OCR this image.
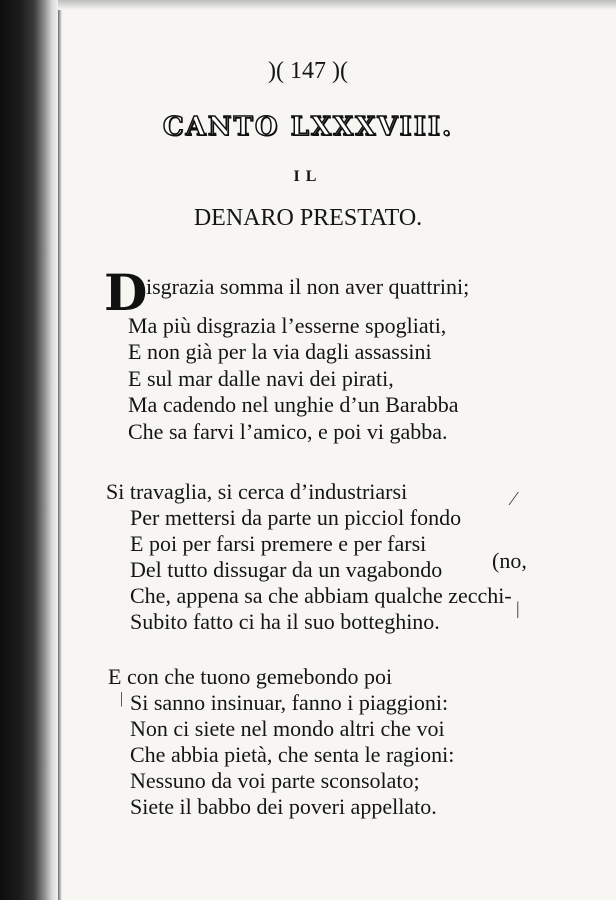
)( 147 )(
CANTO LXXXVIII.
IL
DENARO PRESTATO.
D
isgrazia somma il non aver quattrini;
Ma più disgrazia l’esserne spogliati,
E non già per la via dagli assassini
E sul mar dalle navi dei pirati,
Ma cadendo nel unghie d’un Barabba
Che sa farvi l’amico, e poi vi gabba.
Si travaglia, si cerca d’industriarsi
Per mettersi da parte un picciol fondo
E poi per farsi premere e per farsi
Del tutto dissugar da un vagabondo (no,
Che, appena sa che abbiam qualche zecchi-
Subito fatto ci ha il suo botteghino.
E con che tuono gemebondo poi
Si sanno insinuar, fanno i piaggioni:
Non ci siete nel mondo altri che voi
Che abbia pietà, che senta le ragioni:
Nessuno da voi parte sconsolato;
Siete il babbo dei poveri appellato.
⁄
|
|
